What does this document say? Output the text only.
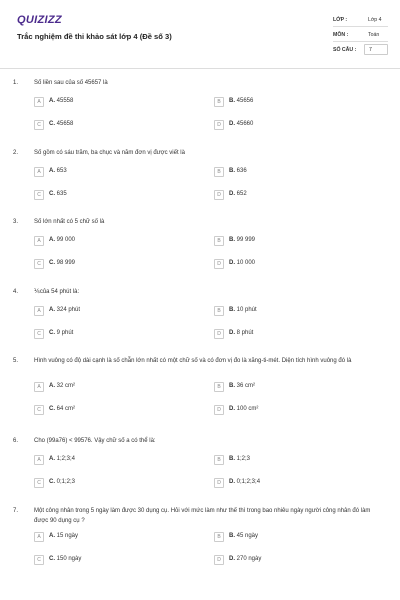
QUIZIZZ
Trắc nghiệm đề thi khảo sát lớp 4 (Đề số 3)
LỚP :	Lớp 4
MÔN :	Toán
SỐ CÂU :	7
1.	Số liền sau của số 45657 là
A	A. 45558	B	B. 45656
C	C. 45658	D	D. 45660
2.	Số gồm có sáu trăm, ba chục và năm đơn vị được viết là
A	A. 653	B	B. 636
C	C. 635	D	D. 652
3.	Số lớn nhất có 5 chữ số là
A	A. 99 000	B	B. 99 999
C	C. 98 999	D	D. 10 000
4.	⅙của 54 phút là:
A	A. 324 phút	B	B. 10 phút
C	C. 9 phút	D	D. 8 phút
5.	Hình vuông có độ dài cạnh là số chẵn lớn nhất có một chữ số và có đơn vị đo là xăng-ti-mét. Diện tích hình vuông đó là
A	A. 32 cm²	B	B. 36 cm²
C	C. 64 cm²	D	D. 100 cm²
6.	Cho (99a76) < 99576. Vậy chữ số a có thể là:
A	A. 1;2;3;4	B	B. 1;2;3
C	C. 0;1;2;3	D	D. 0;1;2;3;4
7.	Một công nhân trong 5 ngày làm được 30 dụng cụ. Hỏi với mức làm như thế thì trong bao nhiêu ngày người công nhân đó làm được 90 dụng cụ ?
A	A. 15 ngày	B	B. 45 ngày
C	C. 150 ngày	D	D. 270 ngày
